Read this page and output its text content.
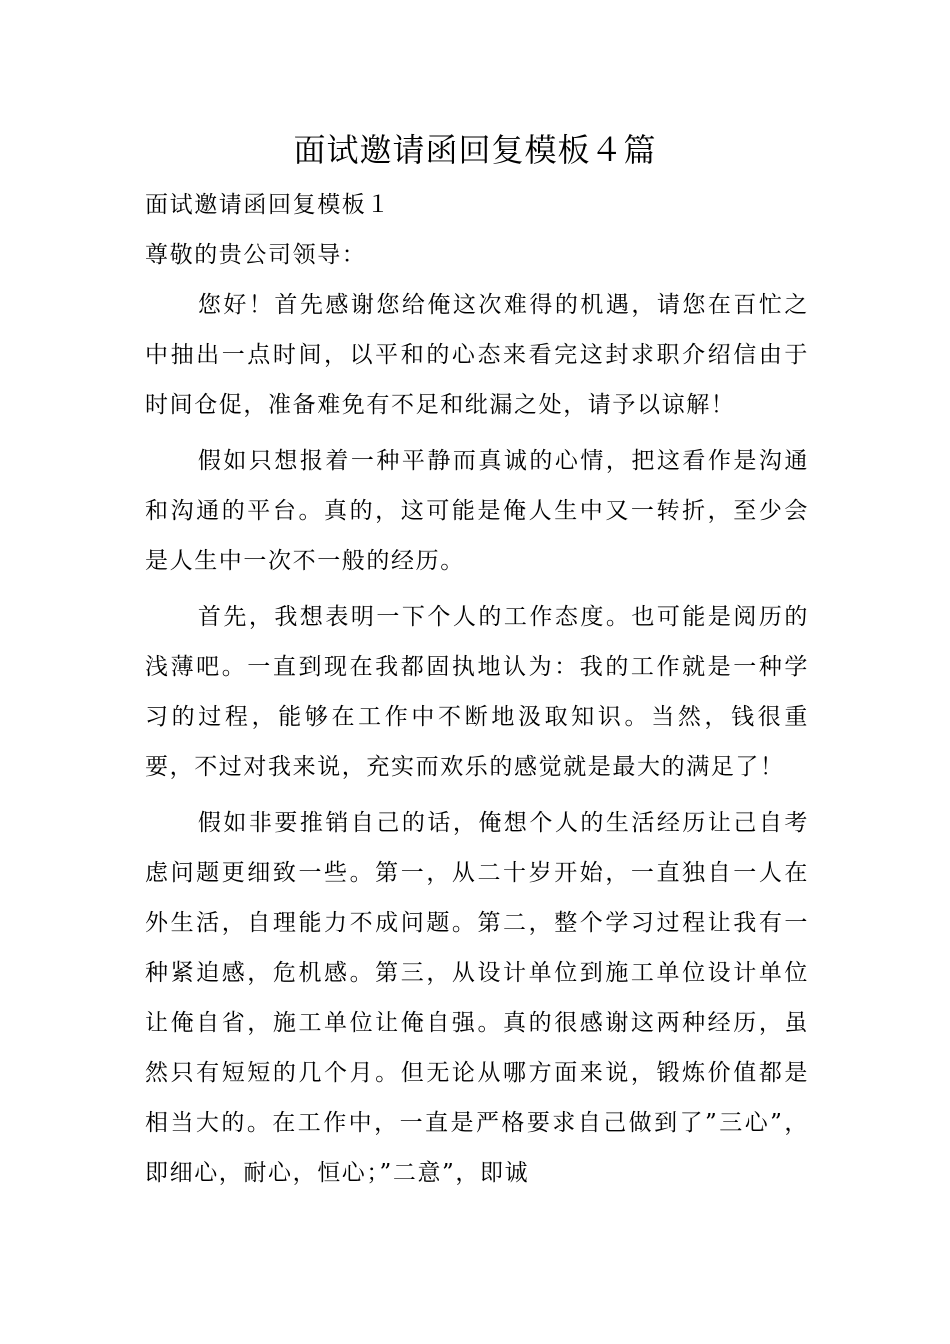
面试邀请函回复模板４篇

面试邀请函回复模板１

尊敬的贵公司领导：

您好！首先感谢您给俺这次难得的机遇，请您在百忙之中抽出一点时间，以平和的心态来看完这封求职介绍信由于时间仓促，准备难免有不足和纰漏之处，请予以谅解！

假如只想报着一种平静而真诚的心情，把这看作是沟通和沟通的平台。真的，这可能是俺人生中又一转折，至少会是人生中一次不一般的经历。

首先，我想表明一下个人的工作态度。也可能是阅历的浅薄吧。一直到现在我都固执地认为：我的工作就是一种学习的过程，能够在工作中不断地汲取知识。当然，钱很重要，不过对我来说，充实而欢乐的感觉就是最大的满足了！

假如非要推销自己的话，俺想个人的生活经历让己自考虑问题更细致一些。第一，从二十岁开始，一直独自一人在外生活，自理能力不成问题。第二，整个学习过程让我有一种紧迫感，危机感。第三，从设计单位到施工单位设计单位让俺自省，施工单位让俺自强。真的很感谢这两种经历，虽然只有短短的几个月。但无论从哪方面来说，锻炼价值都是相当大的。在工作中，一直是严格要求自己做到了”三心”，即细心，耐心，恒心；”二意”，即诚
